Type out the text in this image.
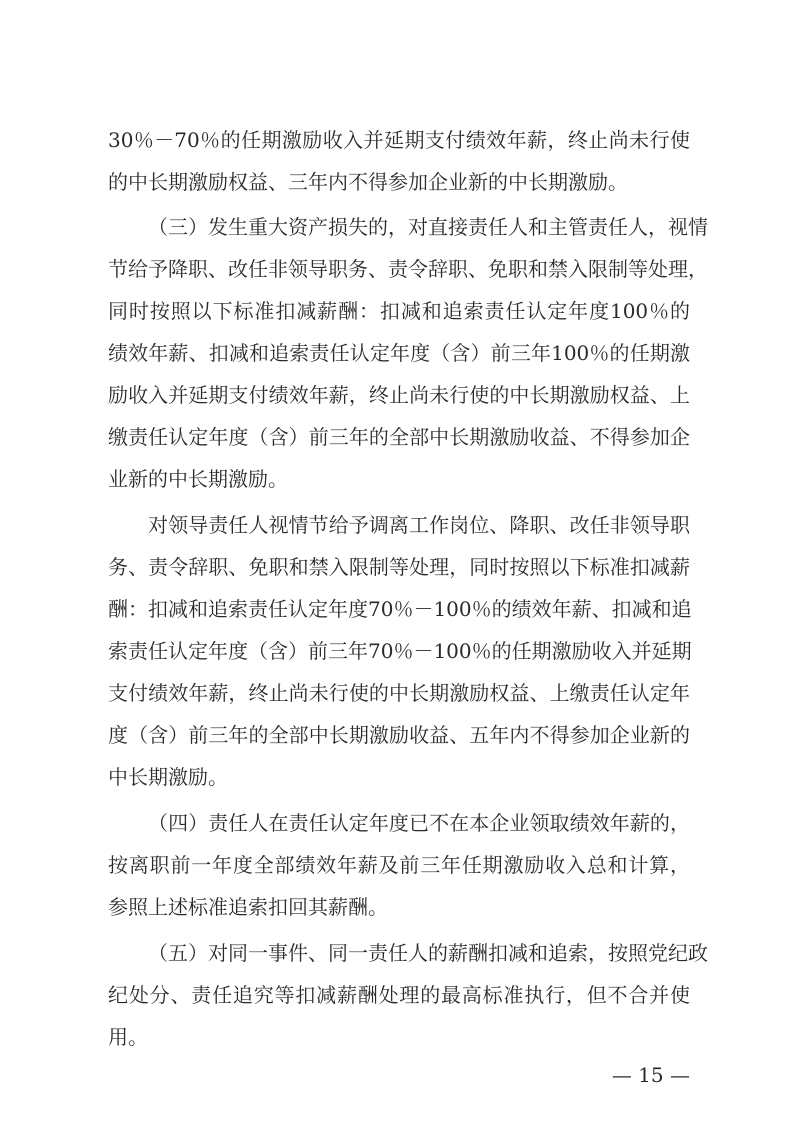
30％－70％的任期激励收入并延期支付绩效年薪，终止尚未行使
的中长期激励权益、三年内不得参加企业新的中长期激励。
（三）发生重大资产损失的，对直接责任人和主管责任人，视情
节给予降职、改任非领导职务、责令辞职、免职和禁入限制等处理，
同时按照以下标准扣减薪酬：扣减和追索责任认定年度100％的
绩效年薪、扣减和追索责任认定年度（含）前三年100％的任期激
励收入并延期支付绩效年薪，终止尚未行使的中长期激励权益、上
缴责任认定年度（含）前三年的全部中长期激励收益、不得参加企
业新的中长期激励。
对领导责任人视情节给予调离工作岗位、降职、改任非领导职
务、责令辞职、免职和禁入限制等处理，同时按照以下标准扣减薪
酬：扣减和追索责任认定年度70％－100％的绩效年薪、扣减和追
索责任认定年度（含）前三年70％－100％的任期激励收入并延期
支付绩效年薪，终止尚未行使的中长期激励权益、上缴责任认定年
度（含）前三年的全部中长期激励收益、五年内不得参加企业新的
中长期激励。
（四）责任人在责任认定年度已不在本企业领取绩效年薪的，
按离职前一年度全部绩效年薪及前三年任期激励收入总和计算，
参照上述标准追索扣回其薪酬。
（五）对同一事件、同一责任人的薪酬扣减和追索，按照党纪政
纪处分、责任追究等扣减薪酬处理的最高标准执行，但不合并使
用。
— 15 —
